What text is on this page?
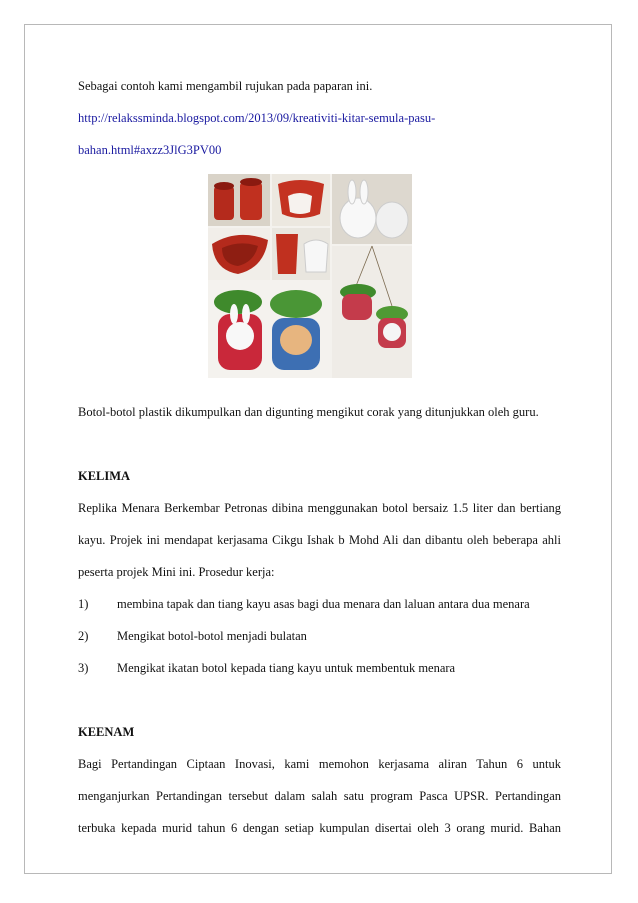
Sebagai contoh kami mengambil rujukan pada paparan ini.

http://relakssminda.blogspot.com/2013/09/kreativiti-kitar-semula-pasu-

bahan.html#axzz3JlG3PV00

Botol-botol plastik dikumpulkan dan digunting mengikut corak yang ditunjukkan oleh guru.

KELIMA

Replika Menara Berkembar Petronas dibina menggunakan botol bersaiz 1.5 liter dan bertiang

kayu. Projek ini mendapat kerjasama Cikgu Ishak b Mohd Ali dan dibantu oleh beberapa ahli

peserta projek Mini ini. Prosedur kerja:

1)	membina tapak dan tiang kayu asas bagi dua menara dan laluan antara dua menara
2)	Mengikat botol-botol menjadi bulatan
3)	Mengikat ikatan botol kepada tiang kayu untuk membentuk menara

KEENAM

Bagi Pertandingan Ciptaan Inovasi, kami memohon kerjasama aliran Tahun 6 untuk

menganjurkan Pertandingan tersebut dalam salah satu program Pasca UPSR. Pertandingan

terbuka kepada murid tahun 6 dengan setiap kumpulan disertai oleh 3 orang murid. Bahan
